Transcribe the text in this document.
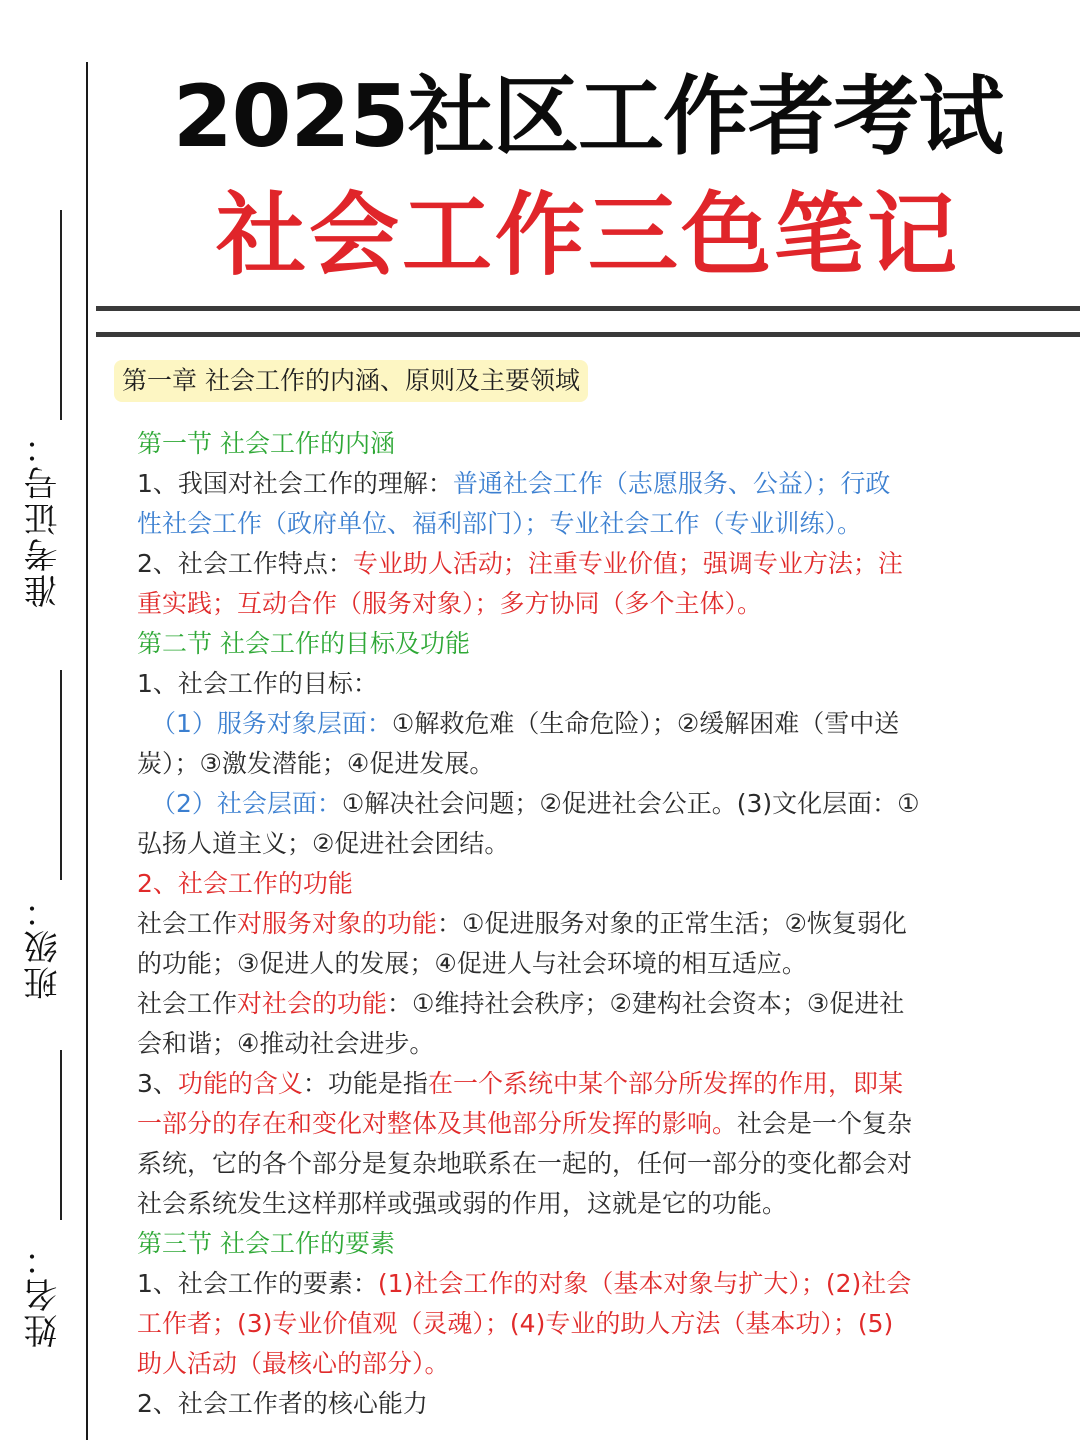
准考证号：
班级：
姓名：
2025社区工作者考试
社会工作三色笔记
第一章 社会工作的内涵、原则及主要领域
第一节 社会工作的内涵
1、我国对社会工作的理解：普通社会工作（志愿服务、公益）；行政
性社会工作（政府单位、福利部门）；专业社会工作（专业训练）。
2、社会工作特点：专业助人活动；注重专业价值；强调专业方法；注
重实践；互动合作（服务对象）；多方协同（多个主体）。
第二节 社会工作的目标及功能
1、社会工作的目标：
（1）服务对象层面：①解救危难（生命危险）；②缓解困难（雪中送
炭）；③激发潜能；④促进发展。
（2）社会层面：①解决社会问题；②促进社会公正。(3)文化层面：①
弘扬人道主义；②促进社会团结。
2、社会工作的功能
社会工作对服务对象的功能：①促进服务对象的正常生活；②恢复弱化
的功能；③促进人的发展；④促进人与社会环境的相互适应。
社会工作对社会的功能：①维持社会秩序；②建构社会资本；③促进社
会和谐；④推动社会进步。
3、功能的含义：功能是指在一个系统中某个部分所发挥的作用，即某
一部分的存在和变化对整体及其他部分所发挥的影响。社会是一个复杂
系统，它的各个部分是复杂地联系在一起的，任何一部分的变化都会对
社会系统发生这样那样或强或弱的作用，这就是它的功能。
第三节 社会工作的要素
1、社会工作的要素：(1)社会工作的对象（基本对象与扩大）；(2)社会
工作者；(3)专业价值观（灵魂）；(4)专业的助人方法（基本功）；(5)
助人活动（最核心的部分）。
2、社会工作者的核心能力
